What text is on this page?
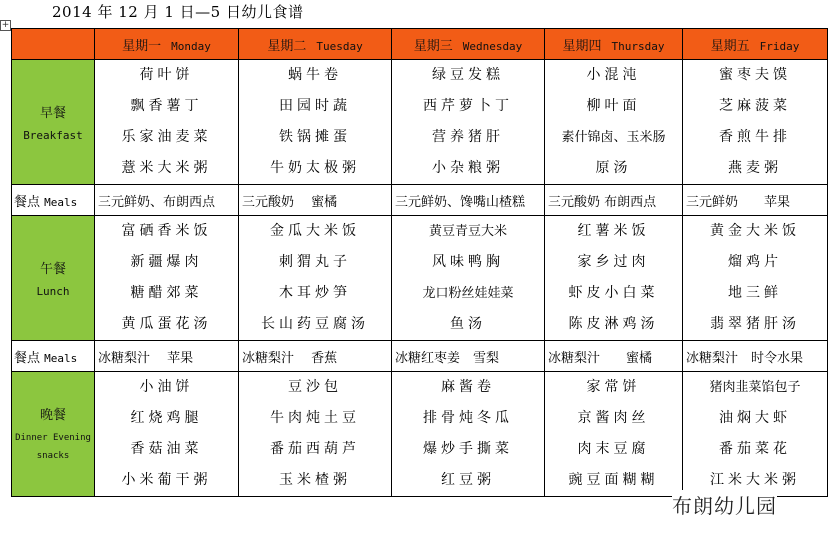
2014 年 12 月 1 日—5 日幼儿食谱
+
	星期一 Monday	星期二 Tuesday	星期三 Wednesday	星期四 Thursday	星期五 Friday

早餐
Breakfast	荷叶饼
飘香薯丁
乐家油麦菜
薏米大米粥	蜗牛卷
田园时蔬
铁锅摊蛋
牛奶太极粥	绿豆发糕
西芹萝卜丁
营养猪肝
小杂粮粥	小混沌
柳叶面
素什锦卤、玉米肠
原汤	蜜枣夫馍
芝麻菠菜
香煎牛排
燕麦粥

餐点 Meals	三元鲜奶、布朗西点	三元酸奶　 蜜橘	三元鲜奶、馋嘴山楂糕	三元酸奶 布朗西点	三元鲜奶　　苹果

午餐
Lunch	富硒香米饭
新疆爆肉
糖醋郊菜
黄瓜蛋花汤	金瓜大米饭
刺猬丸子
木耳炒笋
长山药豆腐汤	黄豆青豆大米
风味鸭胸
龙口粉丝娃娃菜
鱼汤	红薯米饭
家乡过肉
虾皮小白菜
陈皮淋鸡汤	黄金大米饭
熘鸡片
地三鲜
翡翠猪肝汤

餐点 Meals	冰糖梨汁　 苹果	冰糖梨汁　 香蕉	冰糖红枣姜　雪梨	冰糖梨汁　　蜜橘	冰糖梨汁　时令水果

晚餐
Dinner Evening snacks	小油饼
红烧鸡腿
香菇油菜
小米葡干粥	豆沙包
牛肉炖土豆
番茄西葫芦
玉米楂粥	麻酱卷
排骨炖冬瓜
爆炒手撕菜
红豆粥	家常饼
京酱肉丝
肉末豆腐
豌豆面糊糊	猪肉韭菜馅包子
油焖大虾
番茄菜花
江米大米粥
布朗幼儿园
